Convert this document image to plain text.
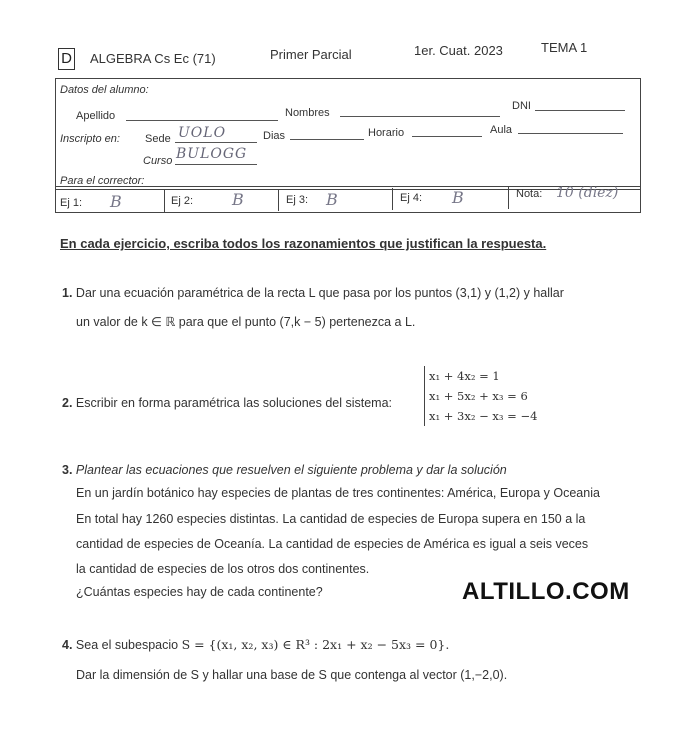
D ALGEBRA Cs Ec (71)	Primer Parcial	1er. Cuat. 2023	TEMA 1
Datos del alumno:
Apellido	Nombres
DNI
Inscripto en: Sede UOLO	Dias	Horario	Aula
Curso BULOGG
Para el corrector:
Ej 1: B	Ej 2: B	Ej 3: B	Ej 4: B	Nota: 10 (diez)
En cada ejercicio, escriba todos los razonamientos que justifican la respuesta.
1. Dar una ecuación paramétrica de la recta L que pasa por los puntos (3,1) y (1,2) y hallar
un valor de k ∈ ℝ para que el punto (7,k − 5) pertenezca a L.
2. Escribir en forma paramétrica las soluciones del sistema:
x₁ + 4x₂ = 1
x₁ + 5x₂ + x₃ = 6
x₁ + 3x₂ − x₃ = −4
3. Plantear las ecuaciones que resuelven el siguiente problema y dar la solución
En un jardín botánico hay especies de plantas de tres continentes: América, Europa y Oceania
En total hay 1260 especies distintas. La cantidad de especies de Europa supera en 150 a la
cantidad de especies de Oceanía. La cantidad de especies de América es igual a seis veces
la cantidad de especies de los otros dos continentes.
¿Cuántas especies hay de cada continente?	ALTILLO.COM
4. Sea el subespacio S = {(x₁, x₂, x₃) ∈ R³ : 2x₁ + x₂ − 5x₃ = 0}.
Dar la dimensión de S y hallar una base de S que contenga al vector (1,−2,0).
